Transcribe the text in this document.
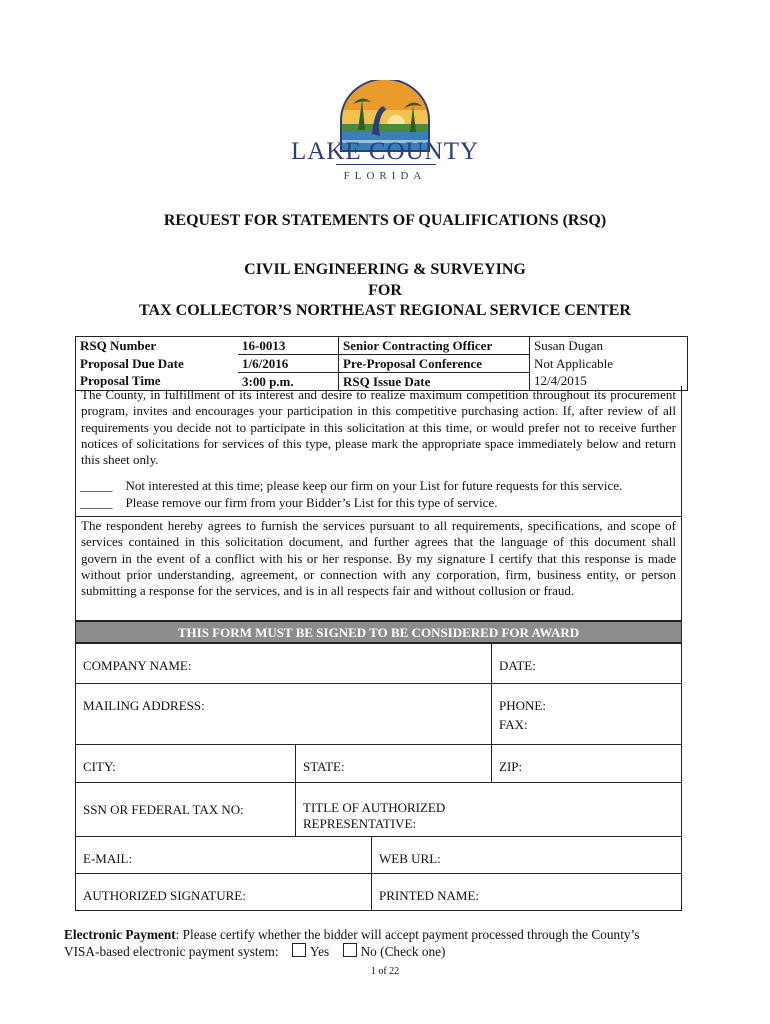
LAKE COUNTY
FLORIDA
REQUEST FOR STATEMENTS OF QUALIFICATIONS (RSQ)
CIVIL ENGINEERING & SURVEYING
FOR
TAX COLLECTOR’S NORTHEAST REGIONAL SERVICE CENTER
RSQ Number	16-0013	Senior Contracting Officer	Susan Dugan
Proposal Due Date	1/6/2016	Pre-Proposal Conference	Not Applicable
Proposal Time	3:00 p.m.	RSQ Issue Date	12/4/2015
The County, in fulfillment of its interest and desire to realize maximum competition throughout its procurement program, invites and encourages your participation in this competitive purchasing action. If, after review of all requirements you decide not to participate in this solicitation at this time, or would prefer not to receive further notices of solicitations for services of this type, please mark the appropriate space immediately below and return this sheet only.
_____ Not interested at this time; please keep our firm on your List for future requests for this service.
_____ Please remove our firm from your Bidder’s List for this type of service.
The respondent hereby agrees to furnish the services pursuant to all requirements, specifications, and scope of services contained in this solicitation document, and further agrees that the language of this document shall govern in the event of a conflict with his or her response. By my signature I certify that this response is made without prior understanding, agreement, or connection with any corporation, firm, business entity, or person submitting a response for the services, and is in all respects fair and without collusion or fraud.
THIS FORM MUST BE SIGNED TO BE CONSIDERED FOR AWARD
COMPANY NAME:	DATE:
MAILING ADDRESS:	PHONE:
FAX:
CITY:	STATE:	ZIP:
SSN OR FEDERAL TAX NO:	TITLE OF AUTHORIZED
REPRESENTATIVE:
E-MAIL:	WEB URL:
AUTHORIZED SIGNATURE:	PRINTED NAME:
Electronic Payment: Please certify whether the bidder will accept payment processed through the County’s
VISA-based electronic payment system: Yes No (Check one)
1 of 22
